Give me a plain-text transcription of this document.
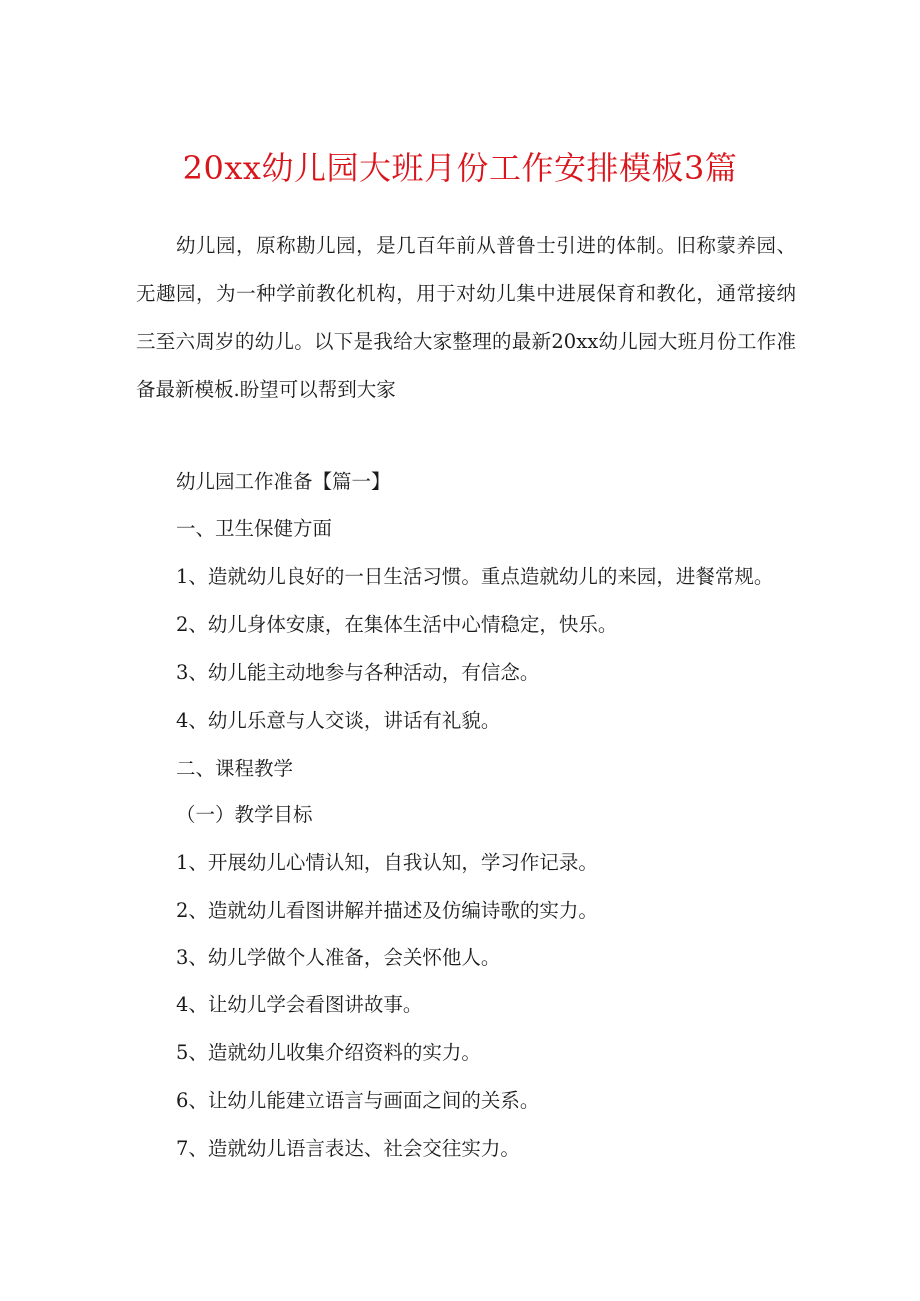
20xx幼儿园大班月份工作安排模板3篇

幼儿园，原称勘儿园，是几百年前从普鲁士引进的体制。旧称蒙养园、无趣园，为一种学前教化机构，用于对幼儿集中进展保育和教化，通常接纳三至六周岁的幼儿。以下是我给大家整理的最新20xx幼儿园大班月份工作准备最新模板.盼望可以帮到大家

幼儿园工作准备【篇一】

一、卫生保健方面

1、造就幼儿良好的一日生活习惯。重点造就幼儿的来园，进餐常规。

2、幼儿身体安康，在集体生活中心情稳定，快乐。

3、幼儿能主动地参与各种活动，有信念。

4、幼儿乐意与人交谈，讲话有礼貌。

二、课程教学

（一）教学目标

1、开展幼儿心情认知，自我认知，学习作记录。

2、造就幼儿看图讲解并描述及仿编诗歌的实力。

3、幼儿学做个人准备，会关怀他人。

4、让幼儿学会看图讲故事。

5、造就幼儿收集介绍资料的实力。

6、让幼儿能建立语言与画面之间的关系。

7、造就幼儿语言表达、社会交往实力。
